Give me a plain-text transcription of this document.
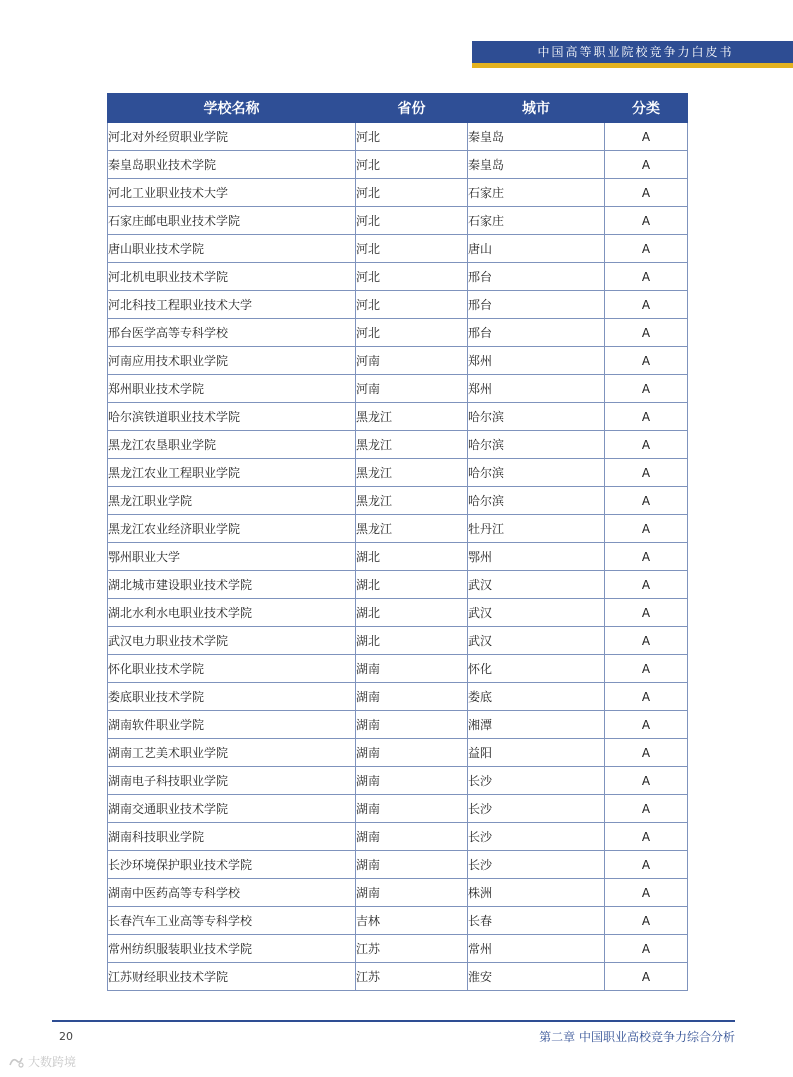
中国高等职业院校竞争力白皮书
学校名称	省份	城市	分类
河北对外经贸职业学院	河北	秦皇岛	A
秦皇岛职业技术学院	河北	秦皇岛	A
河北工业职业技术大学	河北	石家庄	A
石家庄邮电职业技术学院	河北	石家庄	A
唐山职业技术学院	河北	唐山	A
河北机电职业技术学院	河北	邢台	A
河北科技工程职业技术大学	河北	邢台	A
邢台医学高等专科学校	河北	邢台	A
河南应用技术职业学院	河南	郑州	A
郑州职业技术学院	河南	郑州	A
哈尔滨铁道职业技术学院	黑龙江	哈尔滨	A
黑龙江农垦职业学院	黑龙江	哈尔滨	A
黑龙江农业工程职业学院	黑龙江	哈尔滨	A
黑龙江职业学院	黑龙江	哈尔滨	A
黑龙江农业经济职业学院	黑龙江	牡丹江	A
鄂州职业大学	湖北	鄂州	A
湖北城市建设职业技术学院	湖北	武汉	A
湖北水利水电职业技术学院	湖北	武汉	A
武汉电力职业技术学院	湖北	武汉	A
怀化职业技术学院	湖南	怀化	A
娄底职业技术学院	湖南	娄底	A
湖南软件职业学院	湖南	湘潭	A
湖南工艺美术职业学院	湖南	益阳	A
湖南电子科技职业学院	湖南	长沙	A
湖南交通职业技术学院	湖南	长沙	A
湖南科技职业学院	湖南	长沙	A
长沙环境保护职业技术学院	湖南	长沙	A
湖南中医药高等专科学校	湖南	株洲	A
长春汽车工业高等专科学校	吉林	长春	A
常州纺织服装职业技术学院	江苏	常州	A
江苏财经职业技术学院	江苏	淮安	A
20	第二章 中国职业高校竞争力综合分析
大数跨境
